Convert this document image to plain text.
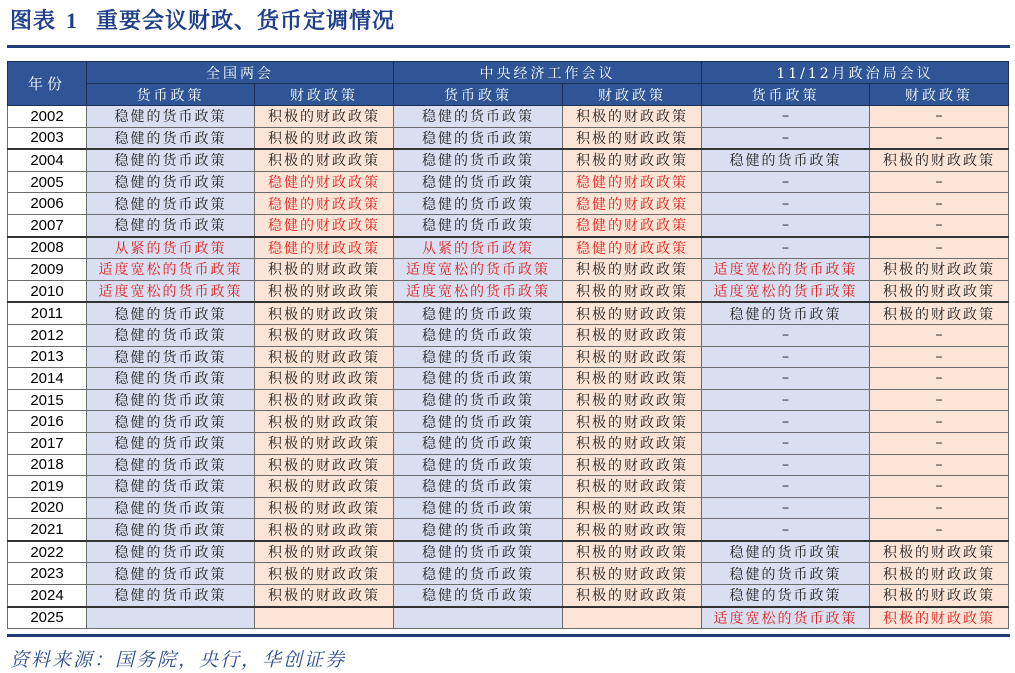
图表 1 重要会议财政、货币定调情况
年份	全国两会		中央经济工作会议		11/12月政治局会议	
	货币政策	财政政策	货币政策	财政政策	货币政策	财政政策
2002	稳健的货币政策	积极的财政政策	稳健的货币政策	积极的财政政策	–	–
2003	稳健的货币政策	积极的财政政策	稳健的货币政策	积极的财政政策	–	–
2004	稳健的货币政策	积极的财政政策	稳健的货币政策	积极的财政政策	稳健的货币政策	积极的财政政策
2005	稳健的货币政策	稳健的财政政策	稳健的货币政策	稳健的财政政策	–	–
2006	稳健的货币政策	稳健的财政政策	稳健的货币政策	稳健的财政政策	–	–
2007	稳健的货币政策	稳健的财政政策	稳健的货币政策	稳健的财政政策	–	–
2008	从紧的货币政策	稳健的财政政策	从紧的货币政策	稳健的财政政策	–	–
2009	适度宽松的货币政策	积极的财政政策	适度宽松的货币政策	积极的财政政策	适度宽松的货币政策	积极的财政政策
2010	适度宽松的货币政策	积极的财政政策	适度宽松的货币政策	积极的财政政策	适度宽松的货币政策	积极的财政政策
2011	稳健的货币政策	积极的财政政策	稳健的货币政策	积极的财政政策	稳健的货币政策	积极的财政政策
2012	稳健的货币政策	积极的财政政策	稳健的货币政策	积极的财政政策	–	–
2013	稳健的货币政策	积极的财政政策	稳健的货币政策	积极的财政政策	–	–
2014	稳健的货币政策	积极的财政政策	稳健的货币政策	积极的财政政策	–	–
2015	稳健的货币政策	积极的财政政策	稳健的货币政策	积极的财政政策	–	–
2016	稳健的货币政策	积极的财政政策	稳健的货币政策	积极的财政政策	–	–
2017	稳健的货币政策	积极的财政政策	稳健的货币政策	积极的财政政策	–	–
2018	稳健的货币政策	积极的财政政策	稳健的货币政策	积极的财政政策	–	–
2019	稳健的货币政策	积极的财政政策	稳健的货币政策	积极的财政政策	–	–
2020	稳健的货币政策	积极的财政政策	稳健的货币政策	积极的财政政策	–	–
2021	稳健的货币政策	积极的财政政策	稳健的货币政策	积极的财政政策	–	–
2022	稳健的货币政策	积极的财政政策	稳健的货币政策	积极的财政政策	稳健的货币政策	积极的财政政策
2023	稳健的货币政策	积极的财政政策	稳健的货币政策	积极的财政政策	稳健的货币政策	积极的财政政策
2024	稳健的货币政策	积极的财政政策	稳健的货币政策	积极的财政政策	稳健的货币政策	积极的财政政策
2025					适度宽松的货币政策	积极的财政政策
资料来源：国务院，央行，华创证券
